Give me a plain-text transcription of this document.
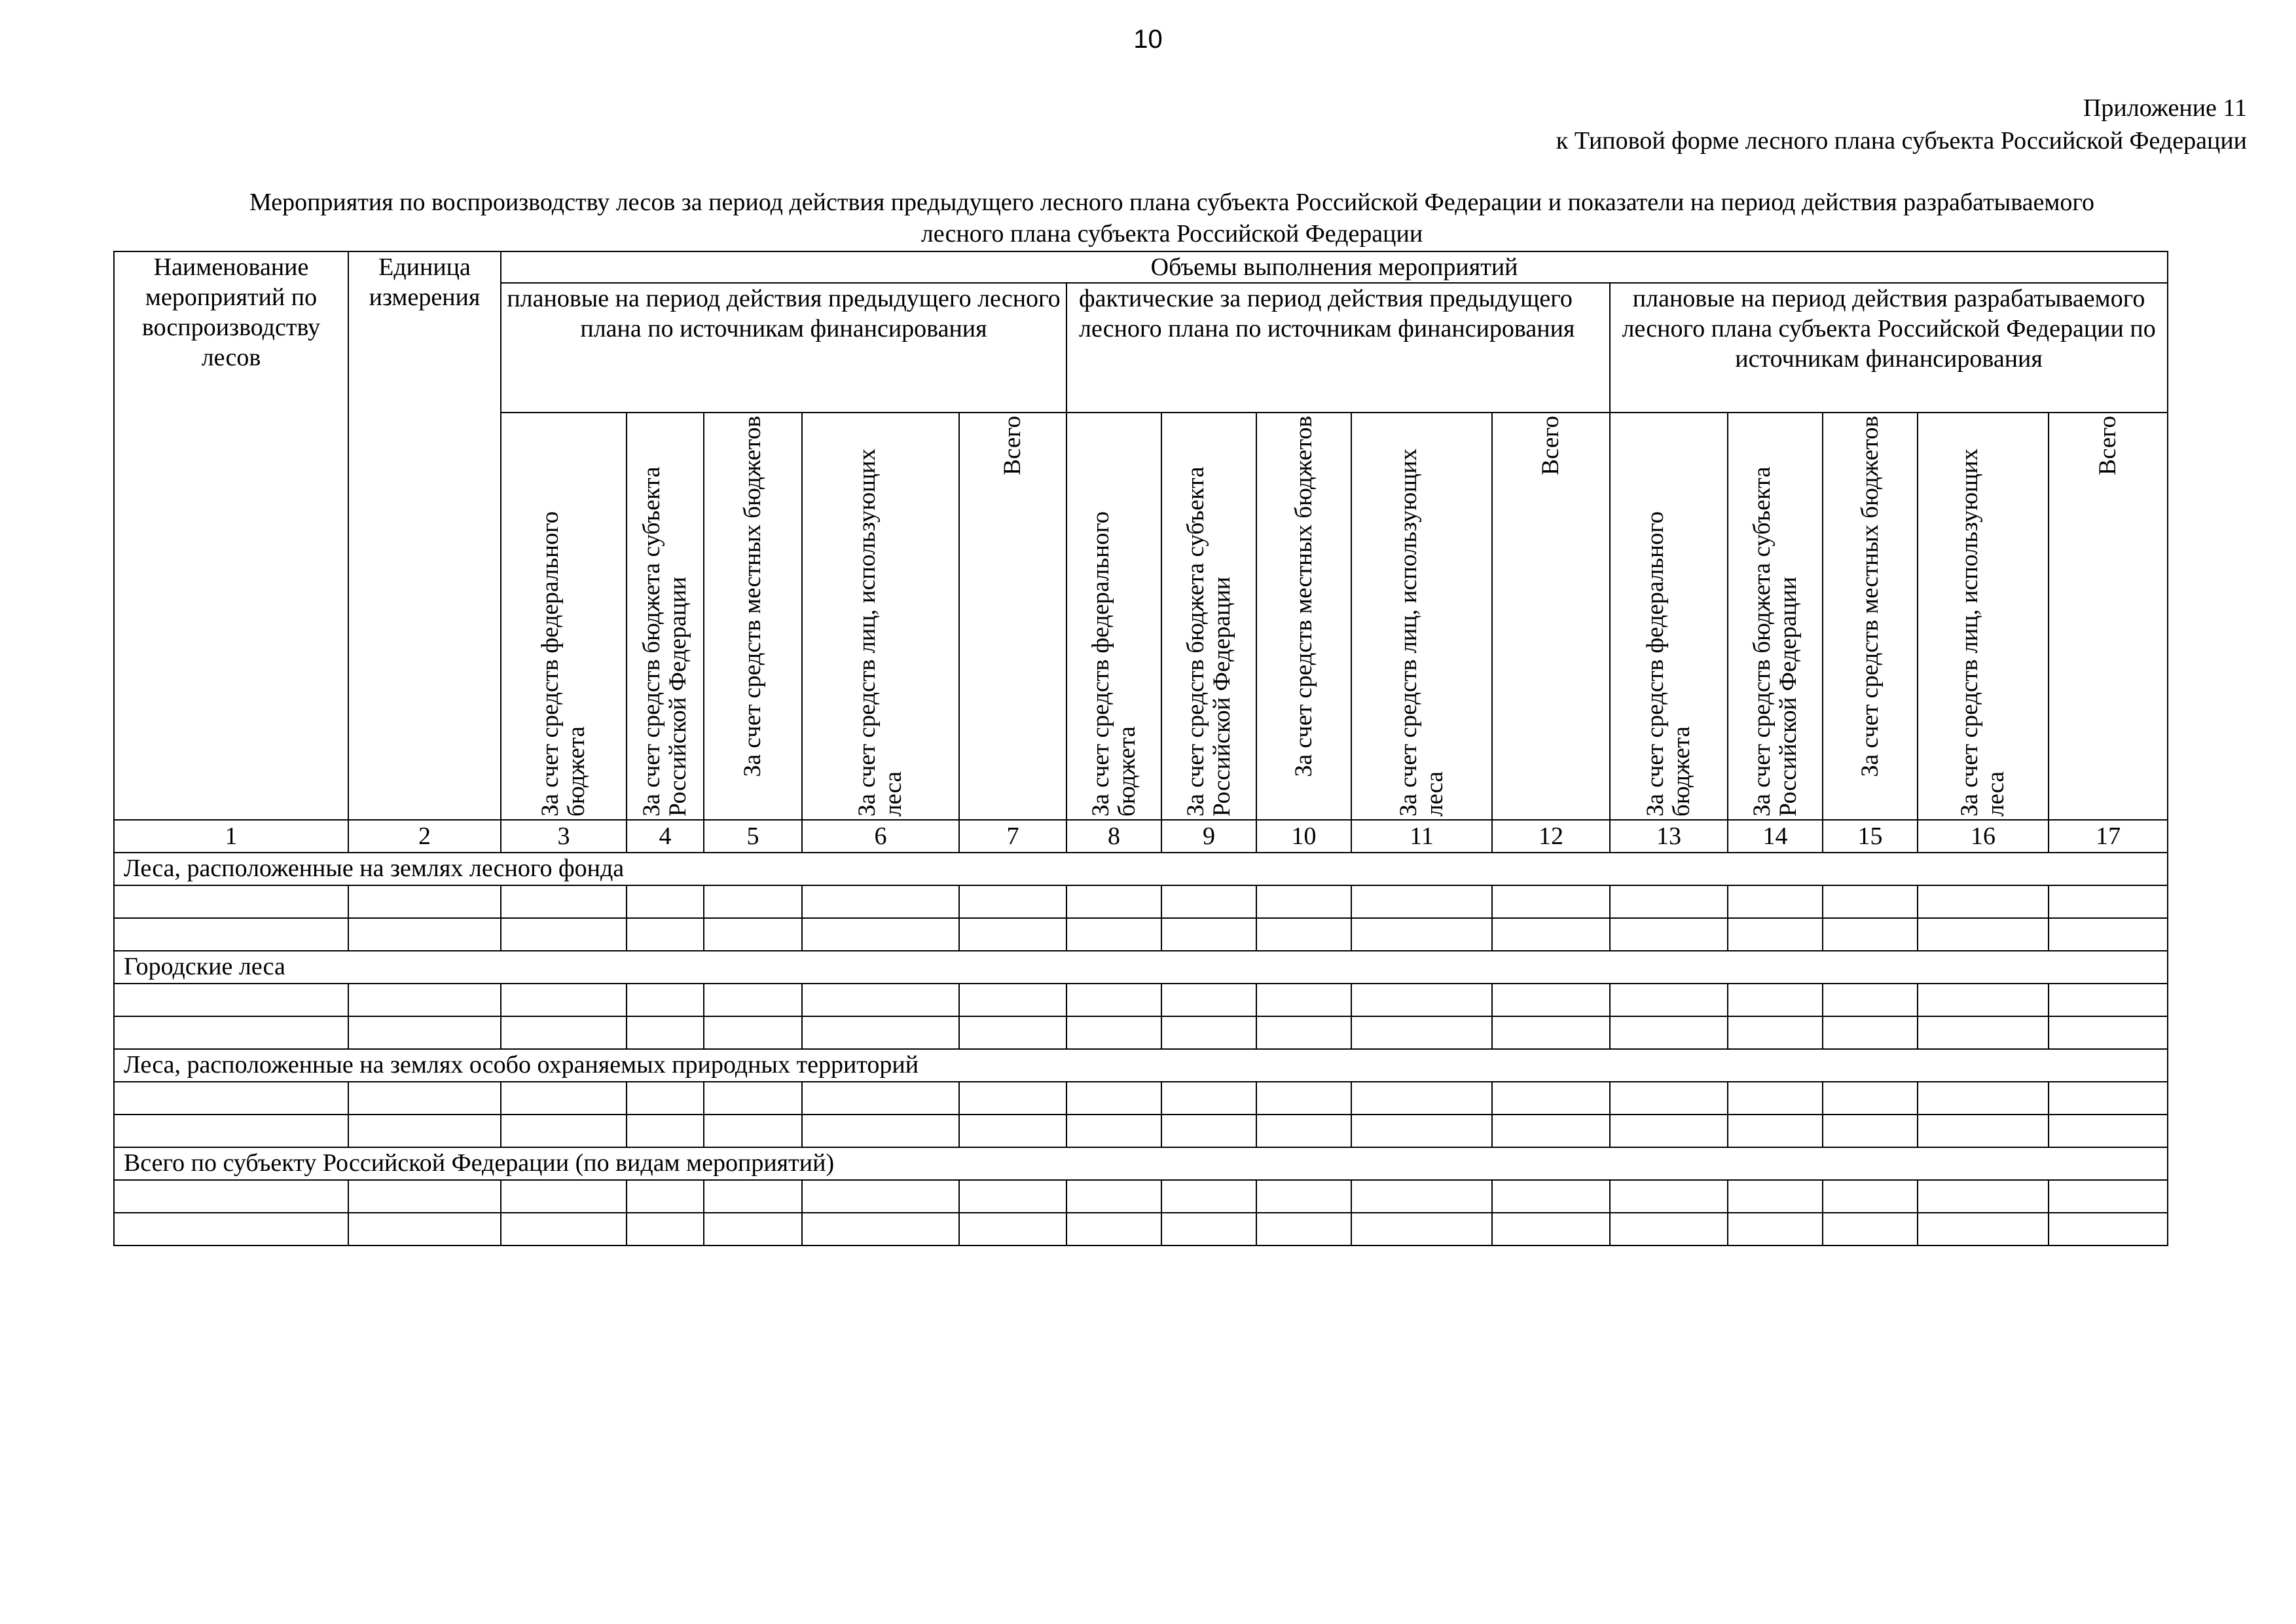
10
Приложение 11
к Типовой форме лесного плана субъекта Российской Федерации
Мероприятия по воспроизводству лесов за период действия предыдущего лесного плана субъекта Российской Федерации и показатели на период действия разрабатываемого
лесного плана субъекта Российской Федерации
Наименование мероприятий по воспроизводству лесов	Единица измерения	Объемы выполнения мероприятий														
		плановые на период действия предыдущего лесного плана по источникам финансирования					фактические за период действия предыдущего лесного плана по источникам финансирования					плановые на период действия разрабатываемого лесного плана субъекта Российской Федерации по источникам финансирования				

		За счет средств федерального бюджета	За счет средств бюджета субъекта Российской Федерации	За счет средств местных бюджетов	За счет средств лиц, использующих леса	Всего	За счет средств федерального бюджета	За счет средств бюджета субъекта Российской Федерации	За счет средств местных бюджетов	За счет средств лиц, использующих леса	Всего	За счет средств федерального бюджета	За счет средств бюджета субъекта Российской Федерации	За счет средств местных бюджетов	За счет средств лиц, использующих леса	Всего

1	2	3	4	5	6	7	8	9	10	11	12	13	14	15	16	17
Леса, расположенные на землях лесного фонда																

Городские леса																

Леса, расположенные на землях особо охраняемых природных территорий																

Всего по субъекту Российской Федерации (по видам мероприятий)																
